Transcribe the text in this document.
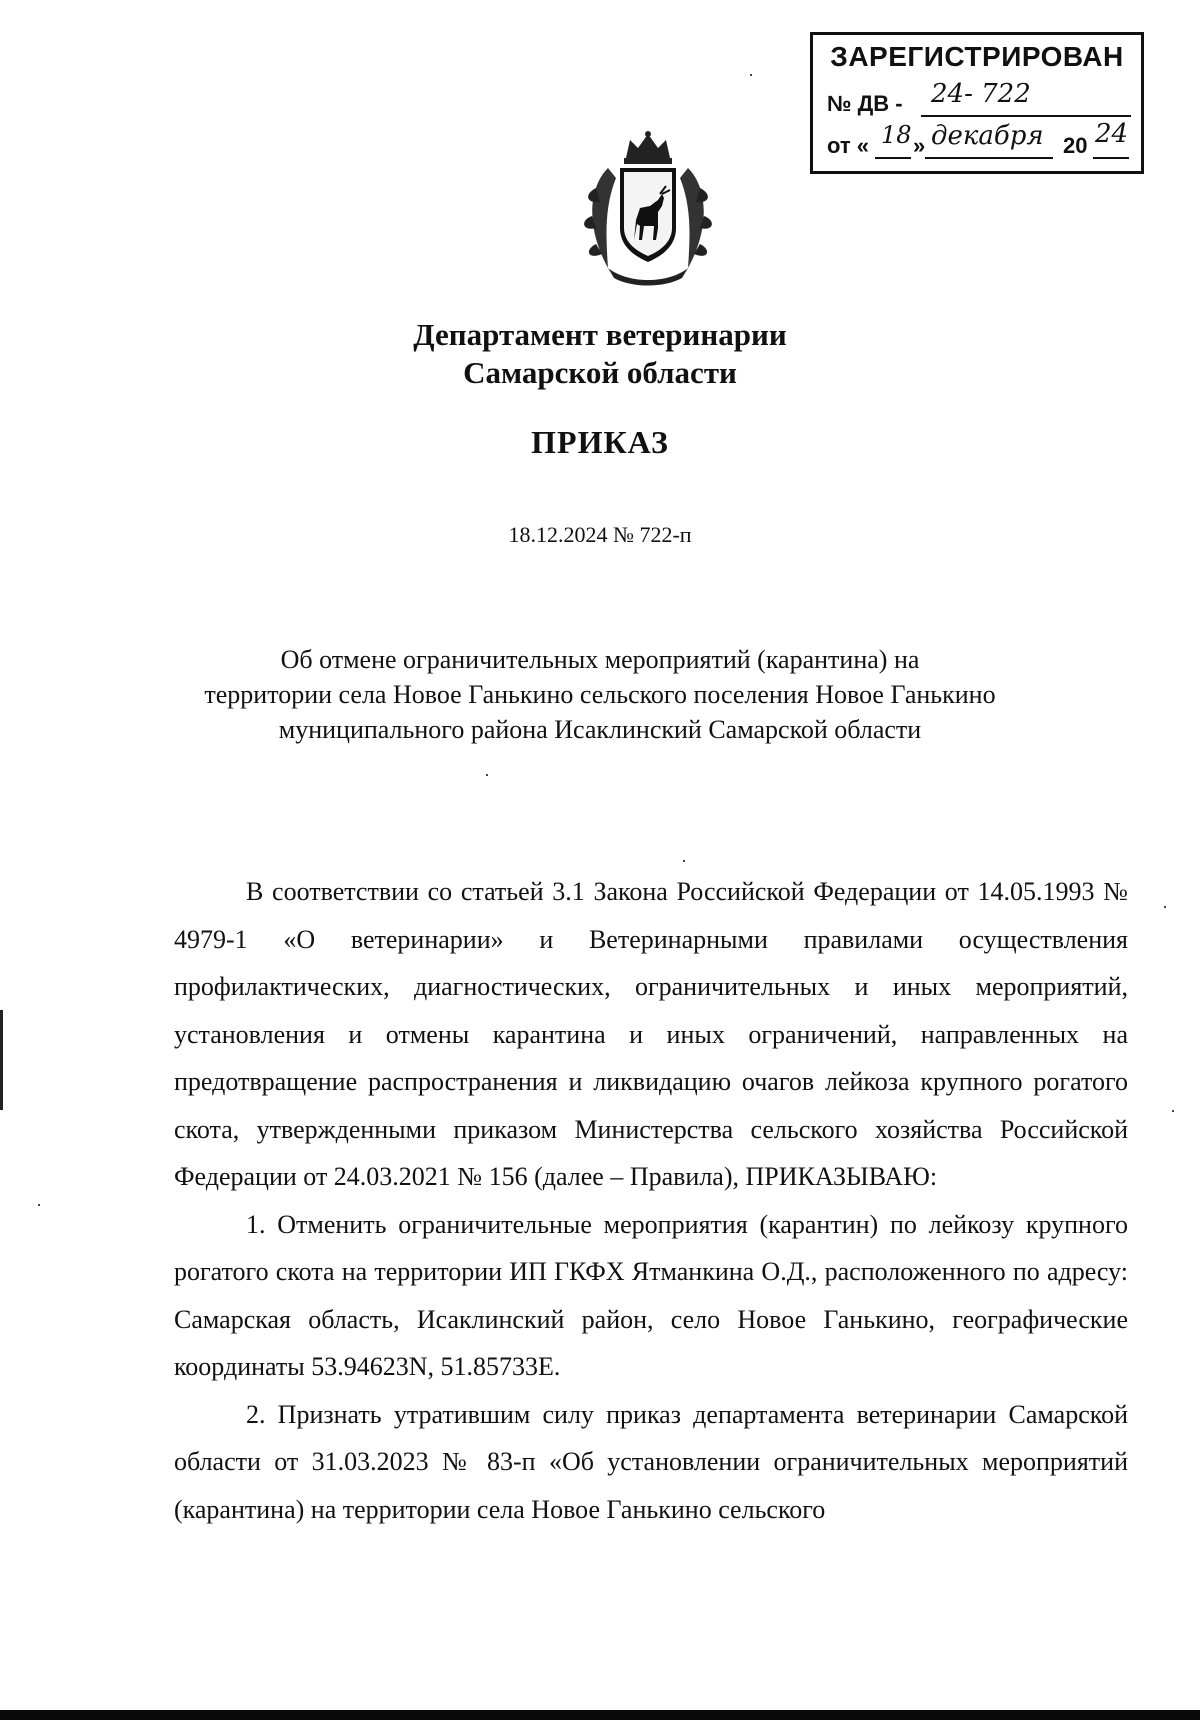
ЗАРЕГИСТРИРОВАН
№ ДВ - 24- 722
от « 18 » декабря 20 24
Департамент ветеринарии
Самарской области
ПРИКАЗ
18.12.2024 № 722-п
Об отмене ограничительных мероприятий (карантина) на
территории села Новое Ганькино сельского поселения Новое Ганькино
муниципального района Исаклинский Самарской области

В соответствии со статьей 3.1 Закона Российской Федерации от 14.05.1993 № 4979-1 «О ветеринарии» и Ветеринарными правилами осуществления профилактических, диагностических, ограничительных и иных мероприятий, установления и отмены карантина и иных ограничений, направленных на предотвращение распространения и ликвидацию очагов лейкоза крупного рогатого скота, утвержденными приказом Министерства сельского хозяйства Российской Федерации от 24.03.2021 № 156 (далее – Правила), ПРИКАЗЫВАЮ:

1. Отменить ограничительные мероприятия (карантин) по лейкозу крупного рогатого скота на территории ИП ГКФХ Ятманкина О.Д., расположенного по адресу: Самарская область, Исаклинский район, село Новое Ганькино, географические координаты 53.94623N, 51.85733E.

2. Признать утратившим силу приказ департамента ветеринарии Самарской области от 31.03.2023 № 83-п «Об установлении ограничительных мероприятий (карантина) на территории села Новое Ганькино сельского
